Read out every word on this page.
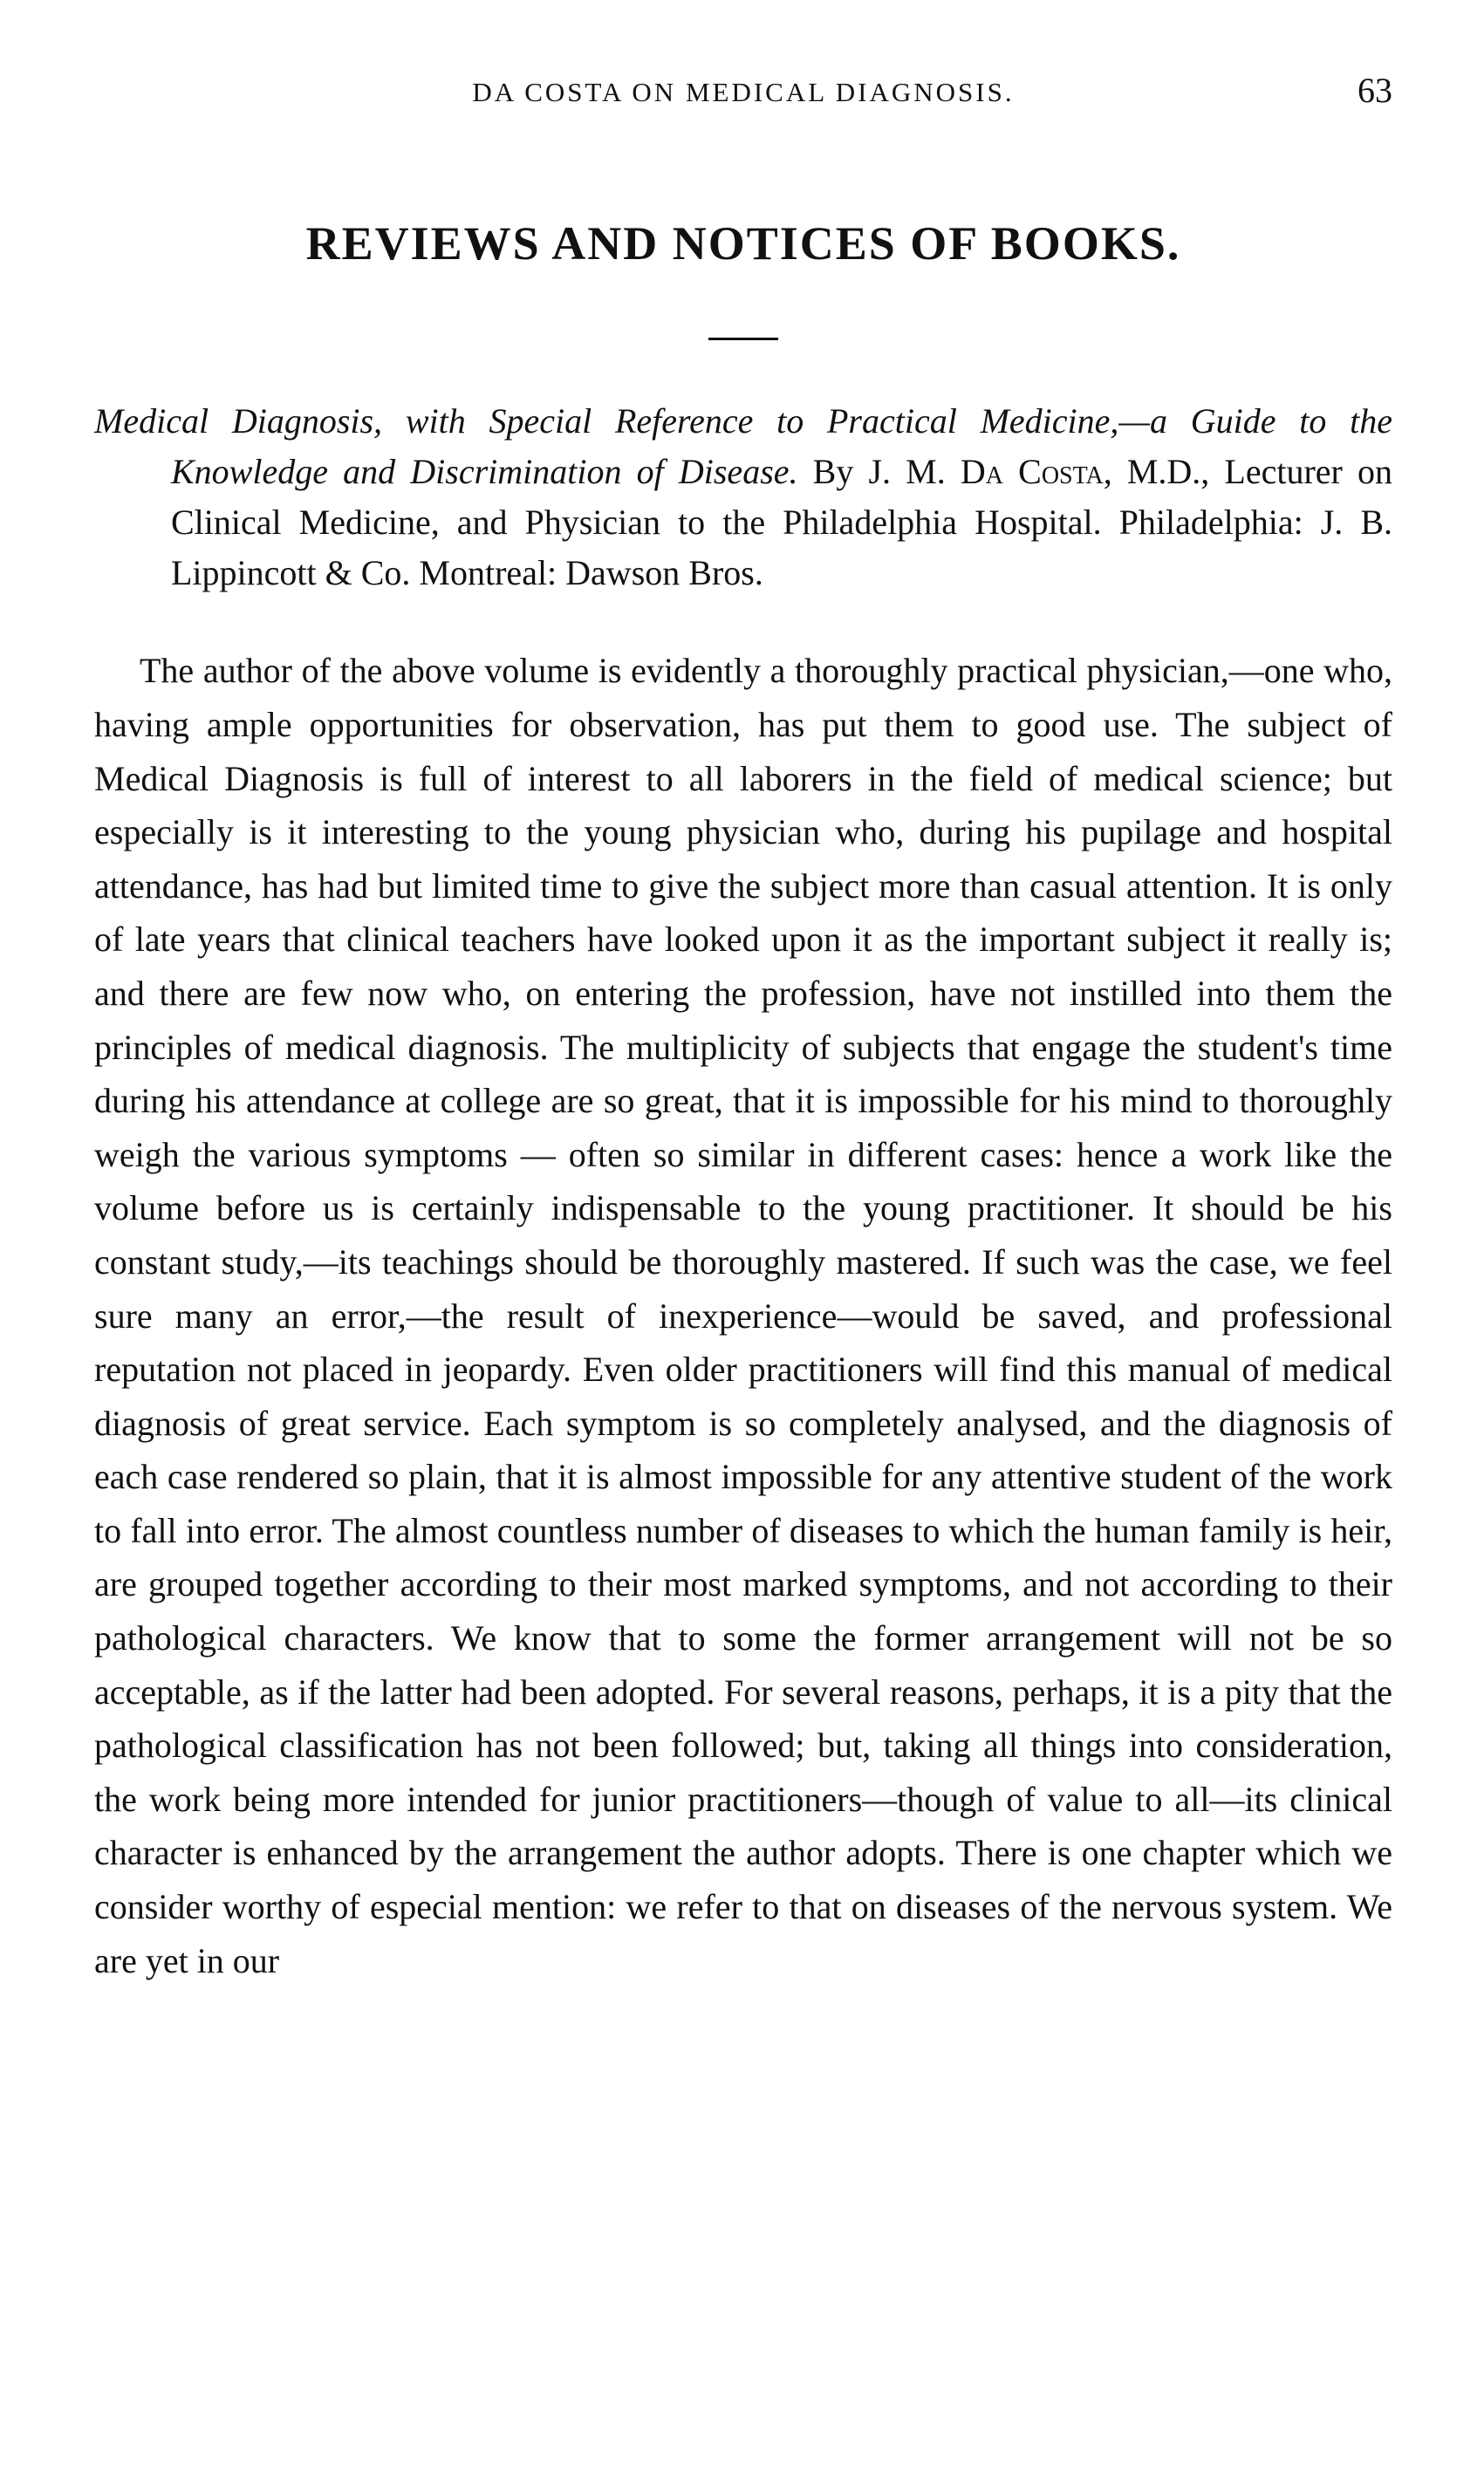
DA COSTA ON MEDICAL DIAGNOSIS.	63
REVIEWS AND NOTICES OF BOOKS.

Medical Diagnosis, with Special Reference to Practical Medicine,—a Guide to the Knowledge and Discrimination of Disease. By J. M. Da Costa, M.D., Lecturer on Clinical Medicine, and Physician to the Philadelphia Hospital. Philadelphia: J. B. Lippincott & Co. Montreal: Dawson Bros.

The author of the above volume is evidently a thoroughly practical physician,—one who, having ample opportunities for observation, has put them to good use. The subject of Medical Diagnosis is full of interest to all laborers in the field of medical science; but especially is it interesting to the young physician who, during his pupilage and hospital attendance, has had but limited time to give the subject more than casual attention. It is only of late years that clinical teachers have looked upon it as the important subject it really is; and there are few now who, on entering the profession, have not instilled into them the principles of medical diagnosis. The multiplicity of subjects that engage the student's time during his attendance at college are so great, that it is impossible for his mind to thoroughly weigh the various symptoms — often so similar in different cases: hence a work like the volume before us is certainly indispensable to the young practitioner. It should be his constant study,—its teachings should be thoroughly mastered. If such was the case, we feel sure many an error,—the result of inexperience—would be saved, and professional reputation not placed in jeopardy. Even older practitioners will find this manual of medical diagnosis of great service. Each symptom is so completely analysed, and the diagnosis of each case rendered so plain, that it is almost impossible for any attentive student of the work to fall into error. The almost countless number of diseases to which the human family is heir, are grouped together according to their most marked symptoms, and not according to their pathological characters. We know that to some the former arrangement will not be so acceptable, as if the latter had been adopted. For several reasons, perhaps, it is a pity that the pathological classification has not been followed; but, taking all things into consideration, the work being more intended for junior practitioners—though of value to all—its clinical character is enhanced by the arrangement the author adopts. There is one chapter which we consider worthy of especial mention: we refer to that on diseases of the nervous system. We are yet in our
